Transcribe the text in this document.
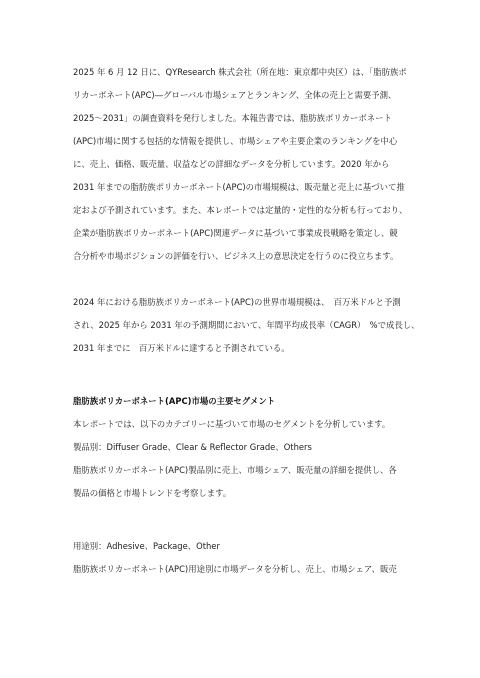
2025 年 6 月 12 日に、QYResearch 株式会社（所在地：東京都中央区）は、「脂肪族ポ
リカーボネート(APC)―グローバル市場シェアとランキング、全体の売上と需要予測、
2025～2031」の調査資料を発行しました。本報告書では、脂肪族ポリカーボネート
(APC)市場に関する包括的な情報を提供し、市場シェアや主要企業のランキングを中心
に、売上、価格、販売量、収益などの詳細なデータを分析しています。2020 年から
2031 年までの脂肪族ポリカーボネート(APC)の市場規模は、販売量と売上に基づいて推
定および予測されています。また、本レポートでは定量的・定性的な分析も行っており、
企業が脂肪族ポリカーボネート(APC)関連データに基づいて事業成長戦略を策定し、競
合分析や市場ポジションの評価を行い、ビジネス上の意思決定を行うのに役立ちます。
2024 年における脂肪族ポリカーボネート(APC)の世界市場規模は、　百万米ドルと予測
され、2025 年から 2031 年の予測期間において、年間平均成長率（CAGR）　%で成長し、
2031 年までに　百万米ドルに達すると予測されている。
脂肪族ポリカーボネート(APC)市場の主要セグメント
本レポートでは、以下のカテゴリーに基づいて市場のセグメントを分析しています。
製品別：Diffuser Grade、Clear & Reflector Grade、Others
脂肪族ポリカーボネート(APC)製品別に売上、市場シェア、販売量の詳細を提供し、各
製品の価格と市場トレンドを考察します。
用途別：Adhesive、Package、Other
脂肪族ポリカーボネート(APC)用途別に市場データを分析し、売上、市場シェア、販売
